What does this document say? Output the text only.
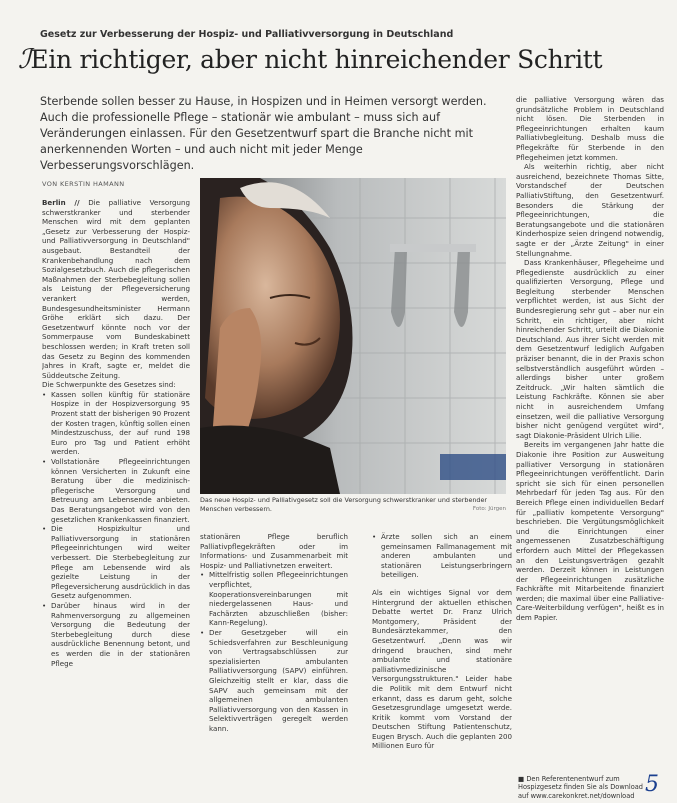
Gesetz zur Verbesserung der Hospiz- und Palliativversorgung in Deutschland
ℐEin richtiger, aber nicht hinreichender Schritt

Sterbende sollen besser zu Hause, in Hospizen und in Heimen versorgt werden. Auch die professionelle Pflege – stationär wie ambulant – muss sich auf Veränderungen einlassen. Für den Gesetzentwurf spart die Branche nicht mit anerkennenden Worten – und auch nicht mit jeder Menge Verbesserungsvorschlägen.

VON KERSTIN HAMANN

Berlin // Die palliative Versorgung schwerstkranker und sterbender Menschen wird mit dem geplanten „Gesetz zur Verbesserung der Hospiz- und Palliativversorgung in Deutschland" ausgebaut. Bestandteil der Krankenbehandlung nach dem Sozialgesetzbuch. Auch die pflegerischen Maßnahmen der Sterbebegleitung sollen als Leistung der Pflegeversicherung verankert werden, Bundesgesundheitsminister Hermann Gröhe erklärt sich dazu. Der Gesetzentwurf könnte noch vor der Sommerpause vom Bundeskabinett beschlossen werden; in Kraft treten soll das Gesetz zu Beginn des kommenden Jahres in Kraft, sagte er, meldet die Süddeutsche Zeitung.

Die Schwerpunkte des Gesetzes sind:

• Kassen sollen künftig für stationäre Hospize in der Hospizversorgung 95 Prozent statt der bisherigen 90 Prozent der Kosten tragen, künftig sollen einen Mindestzuschuss, der auf rund 198 Euro pro Tag und Patient erhöht werden.
• Vollstationäre Pflegeeinrichtungen können Versicherten in Zukunft eine Beratung über die medizinisch-pflegerische Versorgung und Betreuung am Lebensende anbieten. Das Beratungsangebot wird von den gesetzlichen Krankenkassen finanziert.
• Die Hospizkultur und Palliativversorgung in stationären Pflegeeinrichtungen wird weiter verbessert. Die Sterbebegleitung zur Pflege am Lebensende wird als gezielte Leistung in der Pflegeversicherung ausdrücklich in das Gesetz aufgenommen.
• Darüber hinaus wird in der Rahmenversorgung zu allgemeinen Versorgung die Bedeutung der Sterbebegleitung durch diese ausdrückliche Benennung betont, und es werden die in der stationären Pflege
Das neue Hospiz- und Palliativgesetz soll die Versorgung schwerstkranker und sterbender Menschen verbessern.	Foto: Jürgen

stationären Pflege beruflich Palliativpflegekräften oder im Informations- und Zusammenarbeit mit Hospiz- und Palliativnetzen erweitert.

• Mittelfristig sollen Pflegeeinrichtungen verpflichtet, Kooperationsvereinbarungen mit niedergelassenen Haus- und Fachärzten abzuschließen (bisher: Kann-Regelung).
• Der Gesetzgeber will ein Schiedsverfahren zur Beschleunigung von Vertragsabschlüssen zur spezialisierten ambulanten Palliativversorgung (SAPV) einführen. Gleichzeitig stellt er klar, dass die SAPV auch gemeinsam mit der allgemeinen ambulanten Palliativversorgung von den Kassen in Selektivverträgen geregelt werden kann.
• Ärzte sollen sich an einem gemeinsamen Fallmanagement mit anderen ambulanten und stationären Leistungserbringern beteiligen.

Als ein wichtiges Signal vor dem Hintergrund der aktuellen ethischen Debatte wertet Dr. Franz Ulrich Montgomery, Präsident der Bundesärztekammer, den Gesetzentwurf. „Denn was wir dringend brauchen, sind mehr ambulante und stationäre palliativmedizinische Versorgungsstrukturen." Leider habe die Politik mit dem Entwurf nicht erkannt, dass es darum geht, solche Gesetzesgrundlage umgesetzt werde. Kritik kommt vom Vorstand der Deutschen Stiftung Patientenschutz, Eugen Brysch. Auch die geplanten 200 Millionen Euro für

die palliative Versorgung wären das grundsätzliche Problem in Deutschland nicht lösen. Die Sterbenden in Pflegeeinrichtungen erhalten kaum Palliativbegleitung. Deshalb muss die Pflegekräfte für Sterbende in den Pflegeheimen jetzt kommen.

Als weiterhin richtig, aber nicht ausreichend, bezeichnete Thomas Sitte, Vorstandschef der Deutschen PalliativStiftung, den Gesetzentwurf. Besonders die Stärkung der Pflegeeinrichtungen, die Beratungsangebote und die stationären Kinderhospize seien dringend notwendig, sagte er der „Ärzte Zeitung" in einer Stellungnahme.

Dass Krankenhäuser, Pflegeheime und Pflegedienste ausdrücklich zu einer qualifizierten Versorgung, Pflege und Begleitung sterbender Menschen verpflichtet werden, ist aus Sicht der Bundesregierung sehr gut – aber nur ein Schritt, ein richtiger, aber nicht hinreichender Schritt, urteilt die Diakonie Deutschland. Aus ihrer Sicht werden mit dem Gesetzentwurf lediglich Aufgaben präziser benannt, die in der Praxis schon selbstverständlich ausgeführt würden – allerdings bisher unter großem Zeitdruck. „Wir halten sämtlich die Leistung Fachkräfte. Können sie aber nicht in ausreichendem Umfang einsetzen, weil die palliative Versorgung bisher nicht genügend vergütet wird", sagt Diakonie-Präsident Ulrich Lilie.

Bereits im vergangenen Jahr hatte die Diakonie ihre Position zur Ausweitung palliativer Versorgung in stationären Pflegeeinrichtungen veröffentlicht. Darin spricht sie sich für einen personellen Mehrbedarf für jeden Tag aus. Für den Bereich Pflege einen individuellen Bedarf für „palliativ kompetente Versorgung" beschrieben. Die Vergütungsmöglichkeit und die Einrichtungen einer angemessenen Zusatzbeschäftigung erfordern auch Mittel der Pflegekassen an den Leistungsverträgen gezahlt werden. Derzeit können in Leistungen der Pflegeeinrichtungen zusätzliche Fachkräfte mit Mitarbeitende finanziert werden; die maximal über eine Palliative-Care-Weiterbildung verfügen", heißt es in dem Papier.

■ Den Referentenentwurf zum Hospizgesetz finden Sie als Download auf www.carekonkret.net/download 5
